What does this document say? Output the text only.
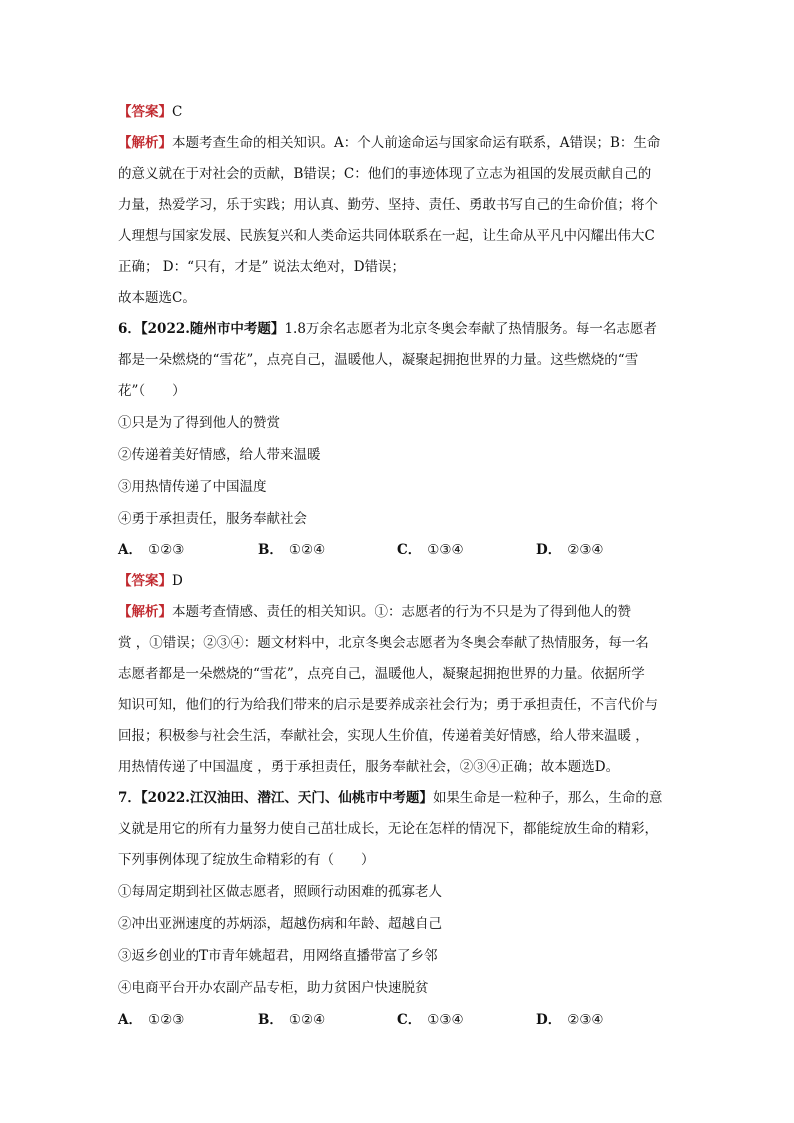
【答案】C
【解析】本题考查生命的相关知识。A：个人前途命运与国家命运有联系，A错误；B：生命
的意义就在于对社会的贡献，B错误；C：他们的事迹体现了立志为祖国的发展贡献自己的
力量，热爱学习，乐于实践；用认真、勤劳、坚持、责任、勇敢书写自己的生命价值；将个
人理想与国家发展、民族复兴和人类命运共同体联系在一起，让生命从平凡中闪耀出伟大C
正确； D：“只有，才是” 说法太绝对，D错误；
故本题选C。
6．【2022.随州市中考题】1.8万余名志愿者为北京冬奥会奉献了热情服务。每一名志愿者
都是一朵燃烧的“雪花”，点亮自己，温暖他人，凝聚起拥抱世界的力量。这些燃烧的“雪
花”（　　）
①只是为了得到他人的赞赏
②传递着美好情感，给人带来温暖
③用热情传递了中国温度
④勇于承担责任，服务奉献社会
A． ①②③	B． ①②④	C． ①③④	D． ②③④
【答案】D
【解析】本题考查情感、责任的相关知识。①：志愿者的行为不只是为了得到他人的赞
赏 ，①错误；②③④：题文材料中，北京冬奥会志愿者为冬奥会奉献了热情服务，每一名
志愿者都是一朵燃烧的“雪花”，点亮自己，温暖他人，凝聚起拥抱世界的力量。依据所学
知识可知，他们的行为给我们带来的启示是要养成亲社会行为；勇于承担责任，不言代价与
回报；积极参与社会生活，奉献社会，实现人生价值，传递着美好情感，给人带来温暖 ，
用热情传递了中国温度 ，勇于承担责任，服务奉献社会，②③④正确；故本题选D。
7．【2022.江汉油田、潜江、天门、仙桃市中考题】如果生命是一粒种子，那么，生命的意
义就是用它的所有力量努力使自己茁壮成长，无论在怎样的情况下，都能绽放生命的精彩，
下列事例体现了绽放生命精彩的有（　　）
①每周定期到社区做志愿者，照顾行动困难的孤寡老人
②冲出亚洲速度的苏炳添，超越伤病和年龄、超越自己
③返乡创业的T市青年姚超君，用网络直播带富了乡邻
④电商平台开办农副产品专柜，助力贫困户快速脱贫
A． ①②③	B． ①②④	C． ①③④	D． ②③④
